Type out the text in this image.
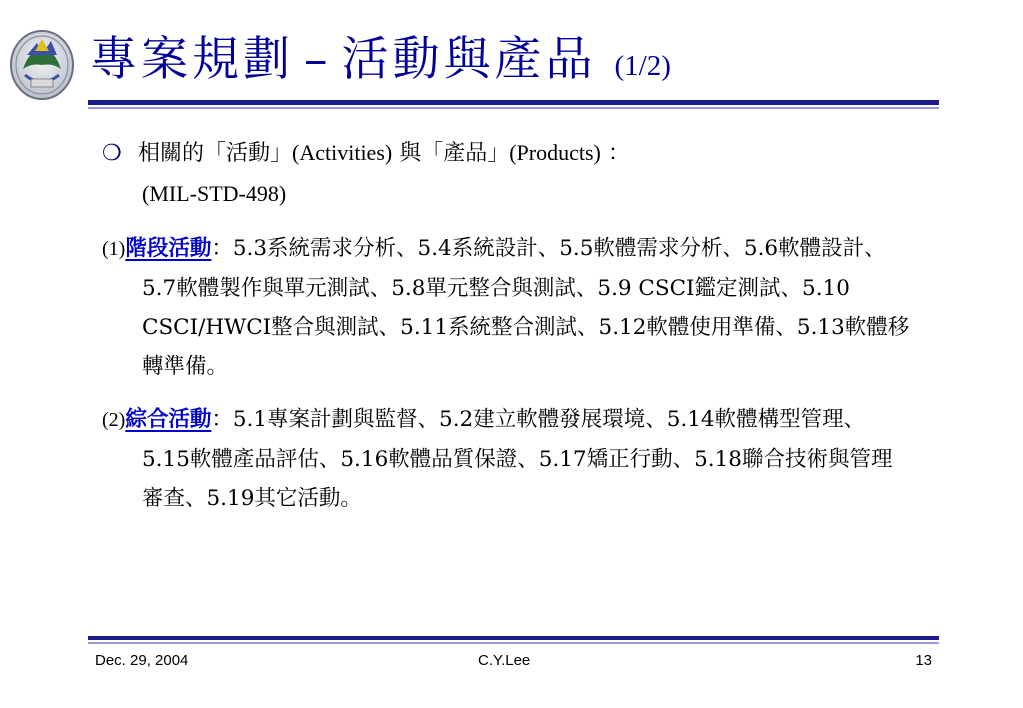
專案規劃 – 活動與產品 (1/2)
❍ 相關的「活動」(Activities) 與「產品」(Products) ：
(MIL-STD-498)
(1)階段活動：5.3系統需求分析、5.4系統設計、5.5軟體需求分析、5.6軟體設計、5.7軟體製作與單元測試、5.8單元整合與測試、5.9 CSCI鑑定測試、5.10 CSCI/HWCI整合與測試、5.11系統整合測試、5.12軟體使用準備、5.13軟體移轉準備。
(2)綜合活動：5.1專案計劃與監督、5.2建立軟體發展環境、5.14軟體構型管理、5.15軟體產品評估、5.16軟體品質保證、5.17矯正行動、5.18聯合技術與管理審查、5.19其它活動。
Dec. 29, 2004	C.Y.Lee	13
